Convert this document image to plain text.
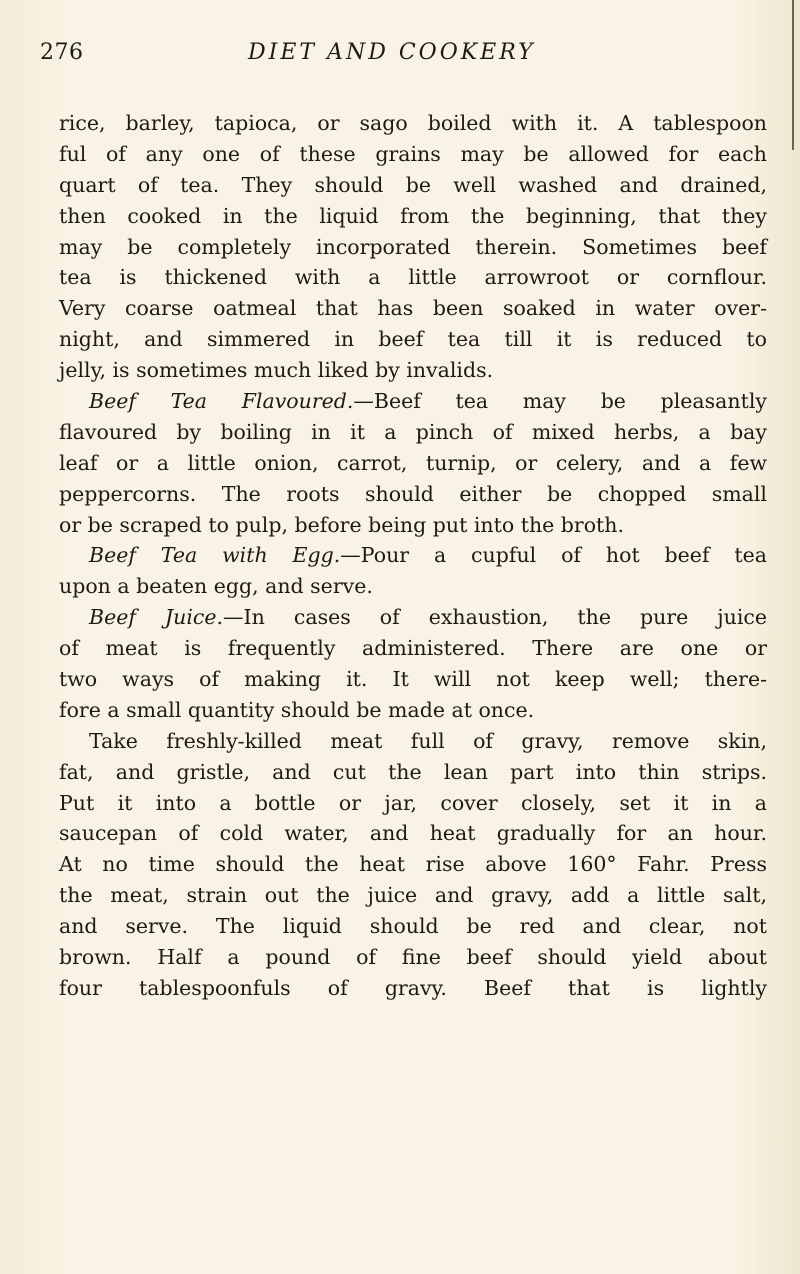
276	DIET AND COOKERY
rice, barley, tapioca, or sago boiled with it. A tablespoon
ful of any one of these grains may be allowed for each
quart of tea. They should be well washed and drained,
then cooked in the liquid from the beginning, that they
may be completely incorporated therein. Sometimes beef
tea is thickened with a little arrowroot or cornflour.
Very coarse oatmeal that has been soaked in water over-
night, and simmered in beef tea till it is reduced to
jelly, is sometimes much liked by invalids.
Beef Tea Flavoured.—Beef tea may be pleasantly
flavoured by boiling in it a pinch of mixed herbs, a bay
leaf or a little onion, carrot, turnip, or celery, and a few
peppercorns. The roots should either be chopped small
or be scraped to pulp, before being put into the broth.
Beef Tea with Egg.—Pour a cupful of hot beef tea
upon a beaten egg, and serve.
Beef Juice.—In cases of exhaustion, the pure juice
of meat is frequently administered. There are one or
two ways of making it. It will not keep well; there-
fore a small quantity should be made at once.
Take freshly-killed meat full of gravy, remove skin,
fat, and gristle, and cut the lean part into thin strips.
Put it into a bottle or jar, cover closely, set it in a
saucepan of cold water, and heat gradually for an hour.
At no time should the heat rise above 160° Fahr. Press
the meat, strain out the juice and gravy, add a little salt,
and serve. The liquid should be red and clear, not
brown. Half a pound of fine beef should yield about
four tablespoonfuls of gravy. Beef that is lightly
